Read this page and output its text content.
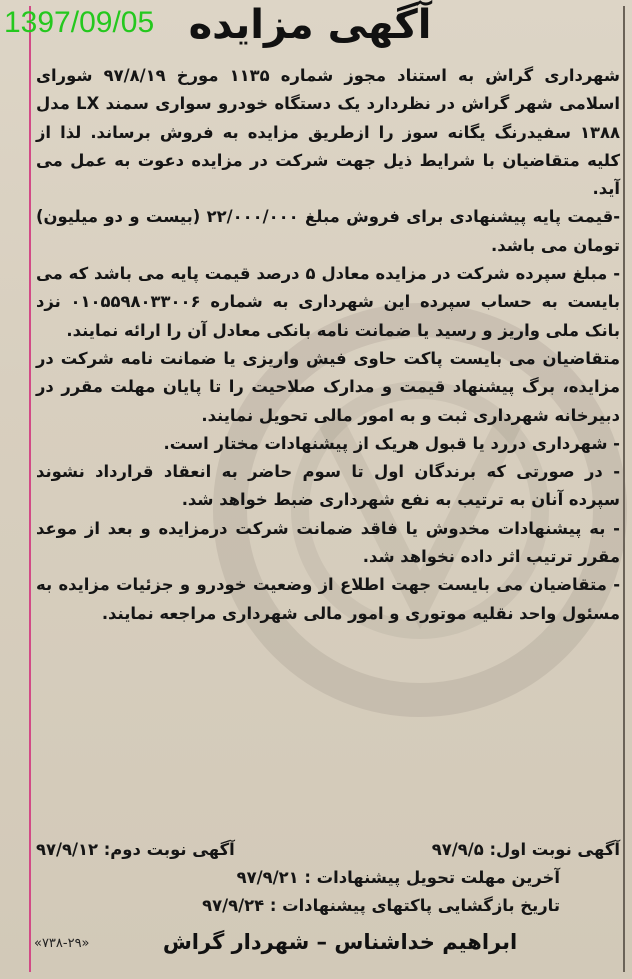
1397/09/05 آگهی مزایده

شهرداری گراش به استناد مجوز شماره ۱۱۳۵ مورخ ۹۷/۸/۱۹ شورای اسلامی شهر گراش در نظردارد یک دستگاه خودرو سواری سمند LX مدل ۱۳۸۸ سفیدرنگ یگانه سوز را ازطریق مزایده به فروش برساند. لذا از کلیه متقاضیان با شرایط ذیل جهت شرکت در مزایده دعوت به عمل می آید.

-قیمت پایه پیشنهادی برای فروش مبلغ ۲۲/۰۰۰/۰۰۰ (بیست و دو میلیون) تومان می باشد.

- مبلغ سپرده شرکت در مزایده معادل ۵ درصد قیمت پایه می باشد که می بایست به حساب سپرده این شهرداری به شماره ۰۱۰۵۵۹۸۰۳۳۰۰۶ نزد بانک ملی واریز و رسید یا ضمانت نامه بانکی معادل آن را ارائه نمایند.

متقاضیان می بایست پاکت حاوی فیش واریزی یا ضمانت نامه شرکت در مزایده، برگ پیشنهاد قیمت و مدارک صلاحیت را تا پایان مهلت مقرر در دبیرخانه شهرداری ثبت و به امور مالی تحویل نمایند.

- شهرداری دررد یا قبول هریک از پیشنهادات مختار است.

- در صورتی که برندگان اول تا سوم حاضر به انعقاد قرارداد نشوند سپرده آنان به ترتیب به نفع شهرداری ضبط خواهد شد.

- به پیشنهادات مخدوش یا فاقد ضمانت شرکت درمزایده و بعد از موعد مقرر ترتیب اثر داده نخواهد شد.

- متقاضیان می بایست جهت اطلاع از وضعیت خودرو و جزئیات مزایده به مسئول واحد نقلیه موتوری و امور مالی شهرداری مراجعه نمایند.

آگهی نوبت اول: ۹۷/۹/۵
آگهی نوبت دوم: ۹۷/۹/۱۲
آخرین مهلت تحویل پیشنهادات : ۹۷/۹/۲۱
تاریخ بازگشایی پاکتهای پیشنهادات : ۹۷/۹/۲۴
«۷۳۸-۲۹»	ابراهیم خداشناس – شهردار گراش
